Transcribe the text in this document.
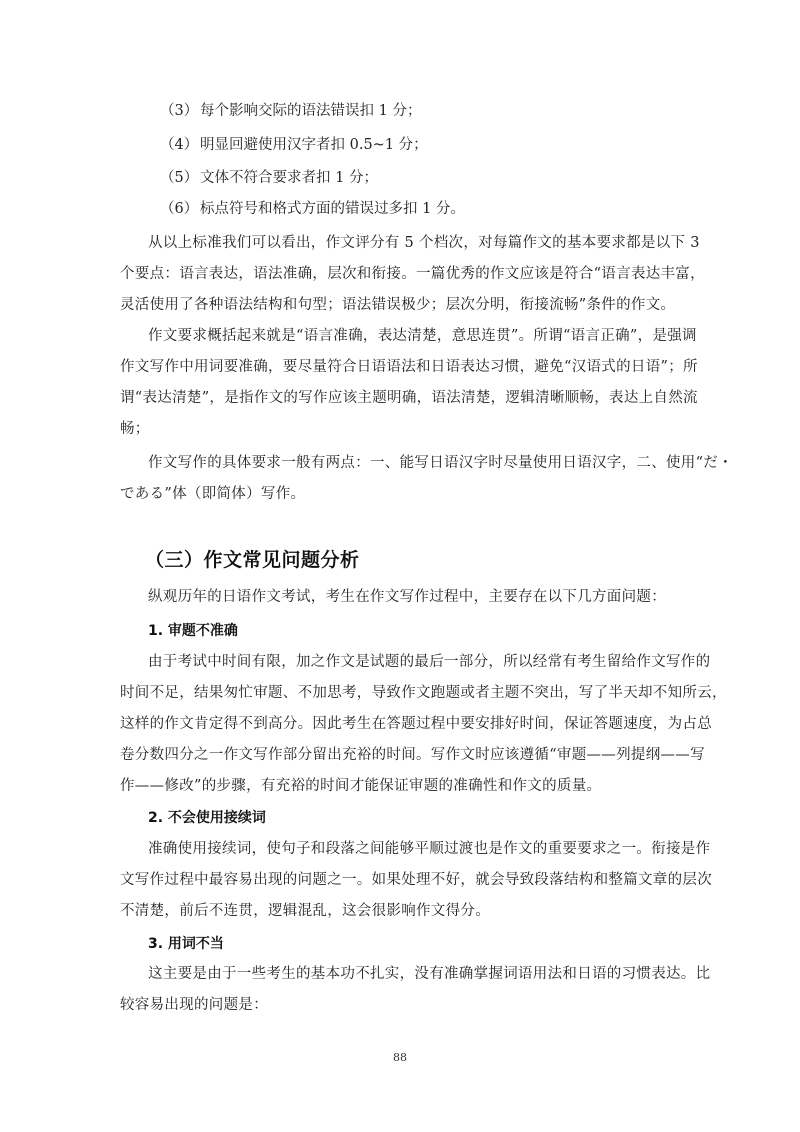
（3） 每个影响交际的语法错误扣 1 分；
（4） 明显回避使用汉字者扣 0.5~1 分；
（5） 文体不符合要求者扣 1 分；
（6） 标点符号和格式方面的错误过多扣 1 分。
从以上标准我们可以看出，作文评分有 5 个档次，对每篇作文的基本要求都是以下 3
个要点：语言表达，语法准确，层次和衔接。一篇优秀的作文应该是符合“语言表达丰富，
灵活使用了各种语法结构和句型；语法错误极少；层次分明，衔接流畅”条件的作文。
作文要求概括起来就是“语言准确，表达清楚，意思连贯”。所谓“语言正确”，是强调
作文写作中用词要准确，要尽量符合日语语法和日语表达习惯，避免“汉语式的日语”；所
谓“表达清楚”，是指作文的写作应该主题明确，语法清楚，逻辑清晰顺畅，表达上自然流
畅；
作文写作的具体要求一般有两点：一、能写日语汉字时尽量使用日语汉字，二、使用“だ・
である”体（即简体）写作。
（三）作文常见问题分析
纵观历年的日语作文考试，考生在作文写作过程中，主要存在以下几方面问题：
1. 审题不准确
由于考试中时间有限，加之作文是试题的最后一部分，所以经常有考生留给作文写作的
时间不足，结果匆忙审题、不加思考，导致作文跑题或者主题不突出，写了半天却不知所云，
这样的作文肯定得不到高分。因此考生在答题过程中要安排好时间，保证答题速度，为占总
卷分数四分之一作文写作部分留出充裕的时间。写作文时应该遵循“审题——列提纲——写
作——修改”的步骤，有充裕的时间才能保证审题的准确性和作文的质量。
2. 不会使用接续词
准确使用接续词，使句子和段落之间能够平顺过渡也是作文的重要要求之一。衔接是作
文写作过程中最容易出现的问题之一。如果处理不好，就会导致段落结构和整篇文章的层次
不清楚，前后不连贯，逻辑混乱，这会很影响作文得分。
3. 用词不当
这主要是由于一些考生的基本功不扎实，没有准确掌握词语用法和日语的习惯表达。比
较容易出现的问题是：
88
